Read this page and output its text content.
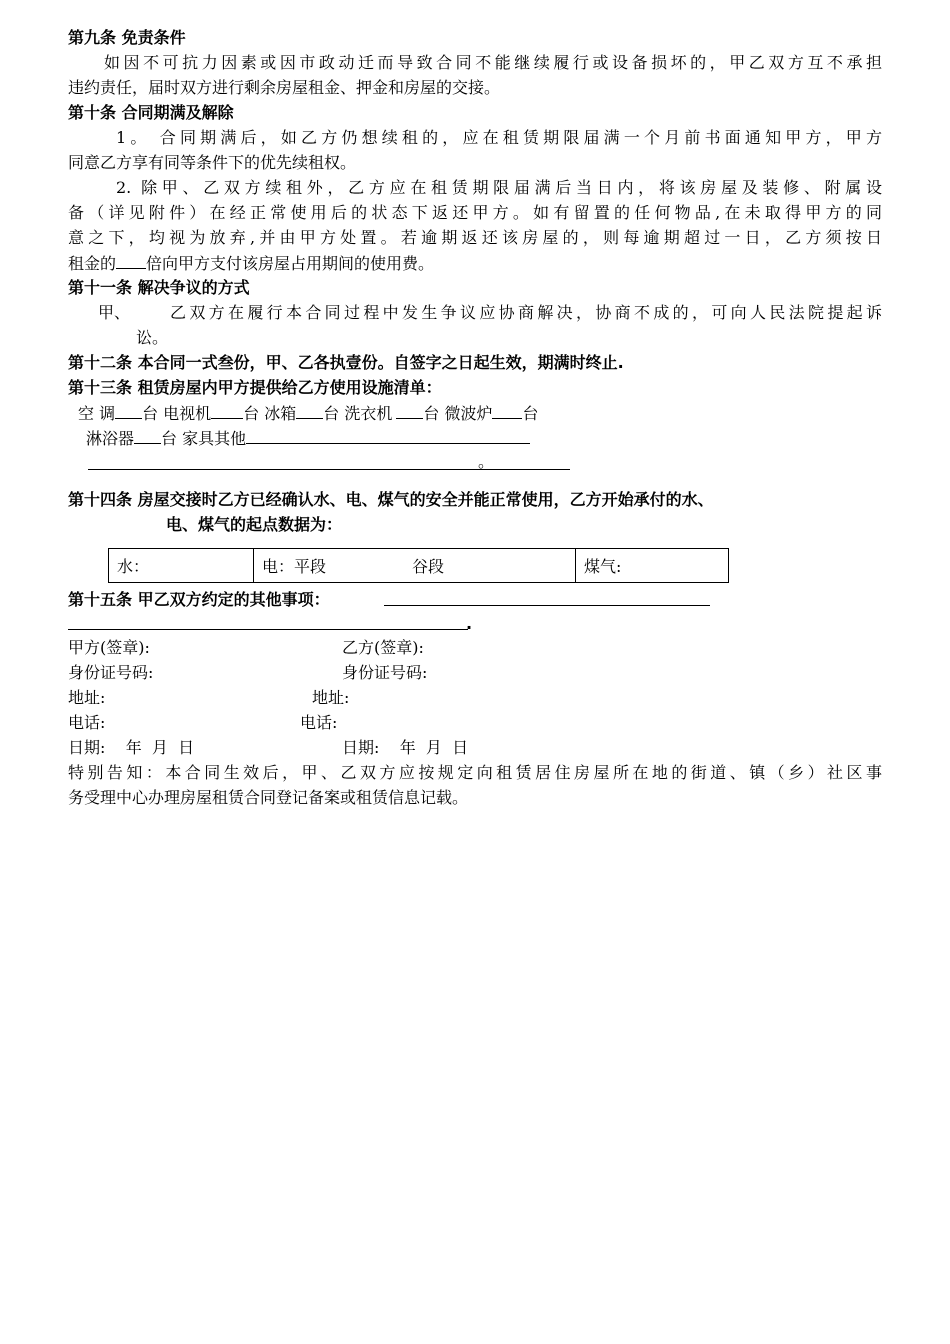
第九条 免责条件
如因不可抗力因素或因市政动迁而导致合同不能继续履行或设备损坏的，甲乙双方互不承担
违约责任，届时双方进行剩余房屋租金、押金和房屋的交接。
第十条 合同期满及解除
1。 合同期满后，如乙方仍想续租的，应在租赁期限届满一个月前书面通知甲方，甲方
同意乙方享有同等条件下的优先续租权。
2. 除甲、乙双方续租外，乙方应在租赁期限届满后当日内，将该房屋及装修、附属设
备（详见附件）在经正常使用后的状态下返还甲方。如有留置的任何物品,在未取得甲方的同
意之下，均视为放弃,并由甲方处置。若逾期返还该房屋的，则每逾期超过一日，乙方须按日
租金的 倍向甲方支付该房屋占用期间的使用费。
第十一条 解决争议的方式
甲、 乙双方在履行本合同过程中发生争议应协商解决，协商不成的，可向人民法院提起诉
讼。
第十二条 本合同一式叁份，甲、乙各执壹份。自签字之日起生效，期满时终止.
第十三条 租赁房屋内甲方提供给乙方使用设施清单：
空 调 台 电视机 台 冰箱 台 洗衣机 台 微波炉 台
淋浴器 台 家具其他
。
第十四条 房屋交接时乙方已经确认水、电、煤气的安全并能正常使用，乙方开始承付的水、
电、煤气的起点数据为：
水：	电：平段	谷段	煤气:
第十五条 甲乙双方约定的其他事项：
.
甲方(签章):	乙方(签章):
身份证号码:	身份证号码:
地址:	地址:
电话:	电话:
日期:    年  月  日	日期:    年  月  日
特别告知：本合同生效后，甲、乙双方应按规定向租赁居住房屋所在地的街道、镇（乡）社区事
务受理中心办理房屋租赁合同登记备案或租赁信息记载。
